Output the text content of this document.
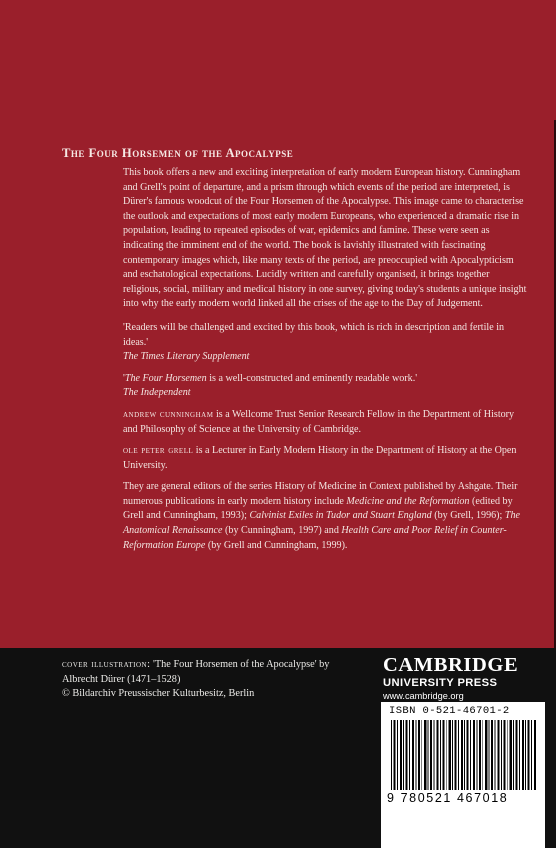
The Four Horsemen of the Apocalypse

This book offers a new and exciting interpretation of early modern European history. Cunningham and Grell's point of departure, and a prism through which events of the period are interpreted, is Dürer's famous woodcut of the Four Horsemen of the Apocalypse. This image came to characterise the outlook and expectations of most early modern Europeans, who experienced a dramatic rise in population, leading to repeated episodes of war, epidemics and famine. These were seen as indicating the imminent end of the world. The book is lavishly illustrated with fascinating contemporary images which, like many texts of the period, are preoccupied with Apocalypticism and eschatological expectations. Lucidly written and carefully organised, it brings together religious, social, military and medical history in one survey, giving today's students a unique insight into why the early modern world linked all the crises of the age to the Day of Judgement.

'Readers will be challenged and excited by this book, which is rich in description and fertile in ideas.'
The Times Literary Supplement

'The Four Horsemen is a well-constructed and eminently readable work.'
The Independent

andrew cunningham is a Wellcome Trust Senior Research Fellow in the Department of History and Philosophy of Science at the University of Cambridge.

ole peter grell is a Lecturer in Early Modern History in the Department of History at the Open University.

They are general editors of the series History of Medicine in Context published by Ashgate. Their numerous publications in early modern history include Medicine and the Reformation (edited by Grell and Cunningham, 1993); Calvinist Exiles in Tudor and Stuart England (by Grell, 1996); The Anatomical Renaissance (by Cunningham, 1997) and Health Care and Poor Relief in Counter-Reformation Europe (by Grell and Cunningham, 1999).

cover illustration: 'The Four Horsemen of the Apocalypse' by Albrecht Dürer (1471–1528)
© Bildarchiv Preussischer Kulturbesitz, Berlin
CAMBRIDGE
UNIVERSITY PRESS
www.cambridge.org
ISBN 0-521-46701-2
9 780521 467018
